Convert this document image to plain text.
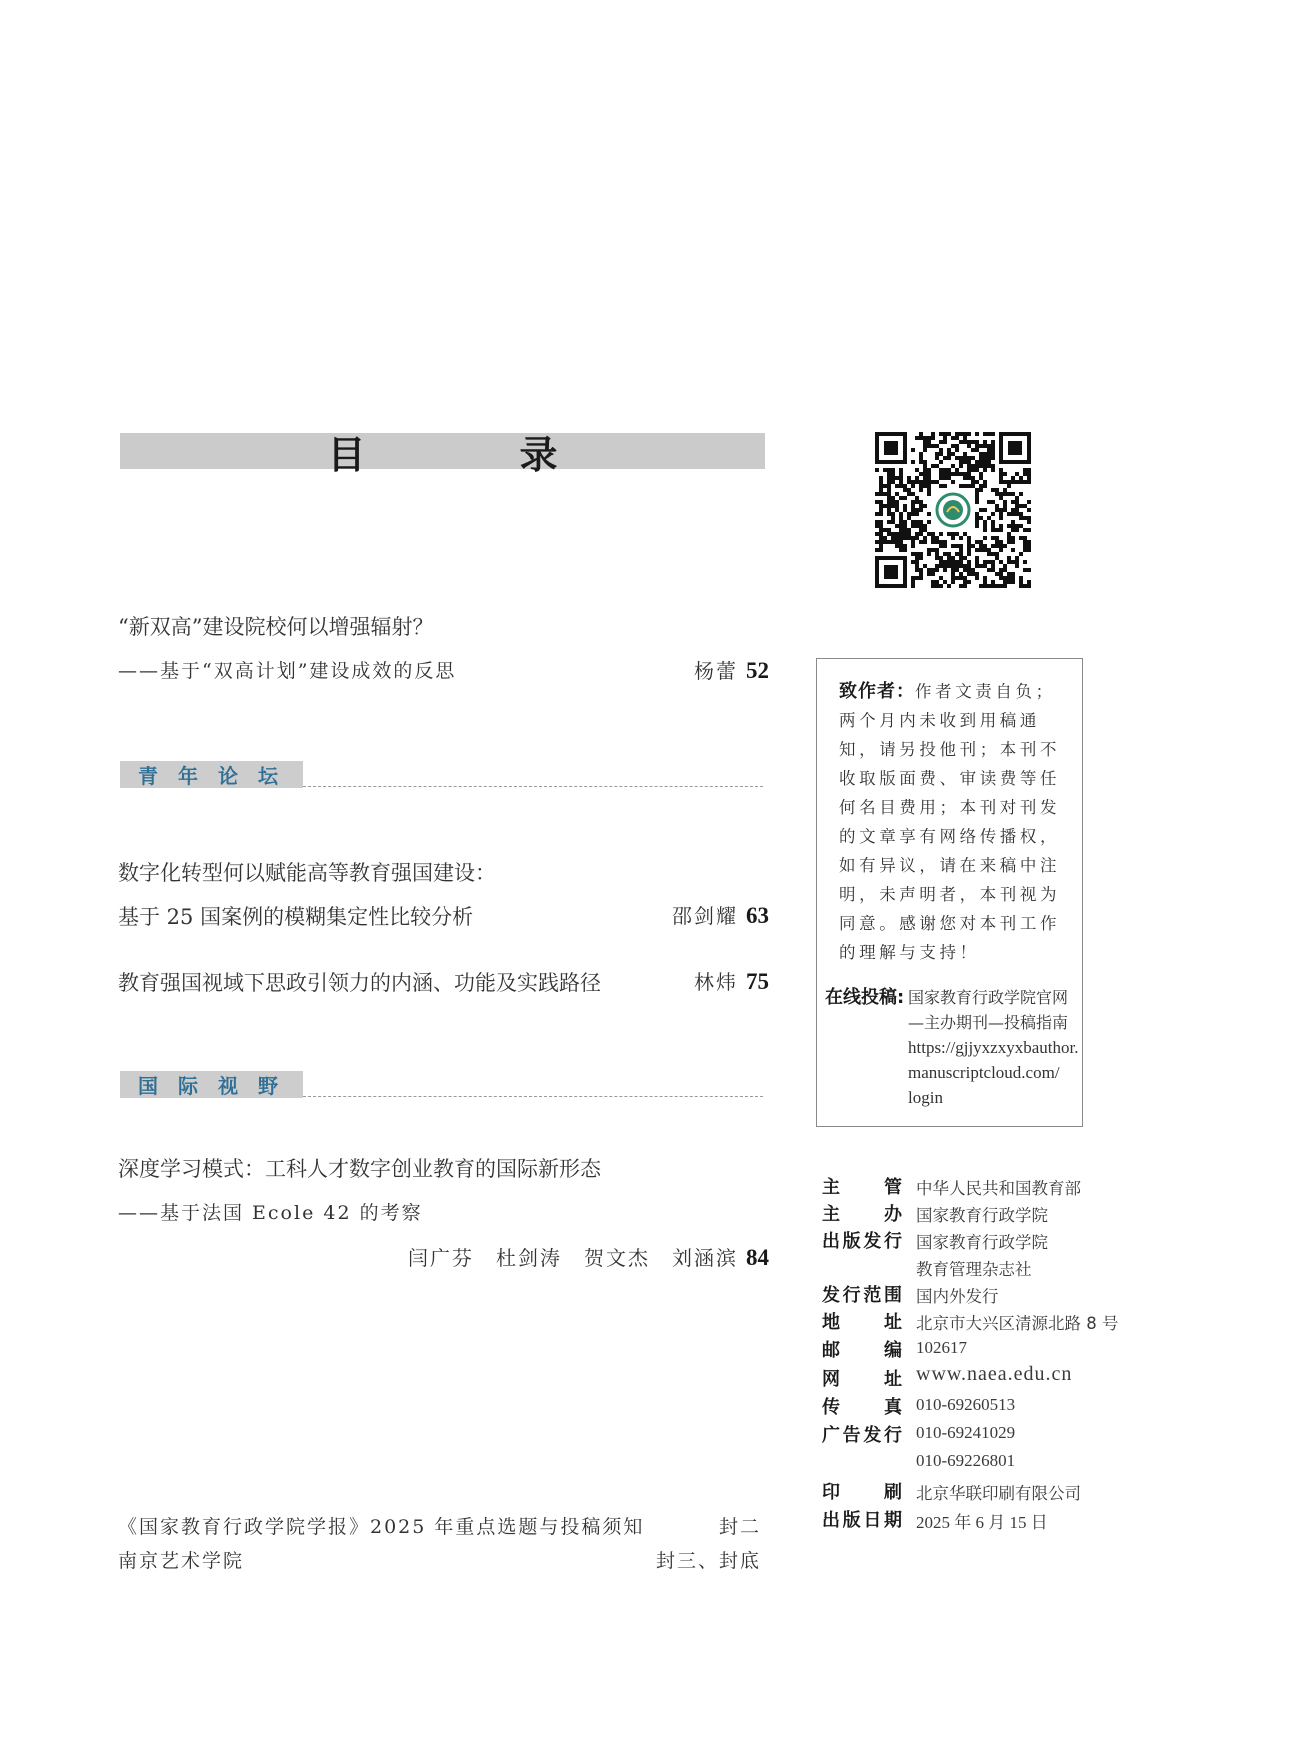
目　录
“新双高”建设院校何以增强辐射？
——基于“双高计划”建设成效的反思	杨蕾 52
青年论坛
数字化转型何以赋能高等教育强国建设：
基于 25 国案例的模糊集定性比较分析	邵剑耀 63
教育强国视域下思政引领力的内涵、功能及实践路径	林炜 75
国际视野
深度学习模式：工科人才数字创业教育的国际新形态
——基于法国 Ecole 42 的考察
闫广芬　杜剑涛　贺文杰　刘涵滨 84
《国家教育行政学院学报》2025 年重点选题与投稿须知	封二
南京艺术学院	封三、封底
致作者：作者文责自负；两个月内未收到用稿通知，请另投他刊；本刊不收取版面费、审读费等任何名目费用；本刊对刊发的文章享有网络传播权，如有异议，请在来稿中注明，未声明者，本刊视为同意。感谢您对本刊工作的理解与支持！
在线投稿: 国家教育行政学院官网
—主办期刊—投稿指南
https://gjjyxzxyxbauthor.
manuscriptcloud.com/
login
主管 中华人民共和国教育部
主办 国家教育行政学院
出版发行 国家教育行政学院
教育管理杂志社
发行范围 国内外发行
地址 北京市大兴区清源北路 8 号
邮编 102617
网址 www.naea.edu.cn
传真 010-69260513
广告发行 010-69241029
010-69226801
印刷 北京华联印刷有限公司
出版日期 2025 年 6 月 15 日
